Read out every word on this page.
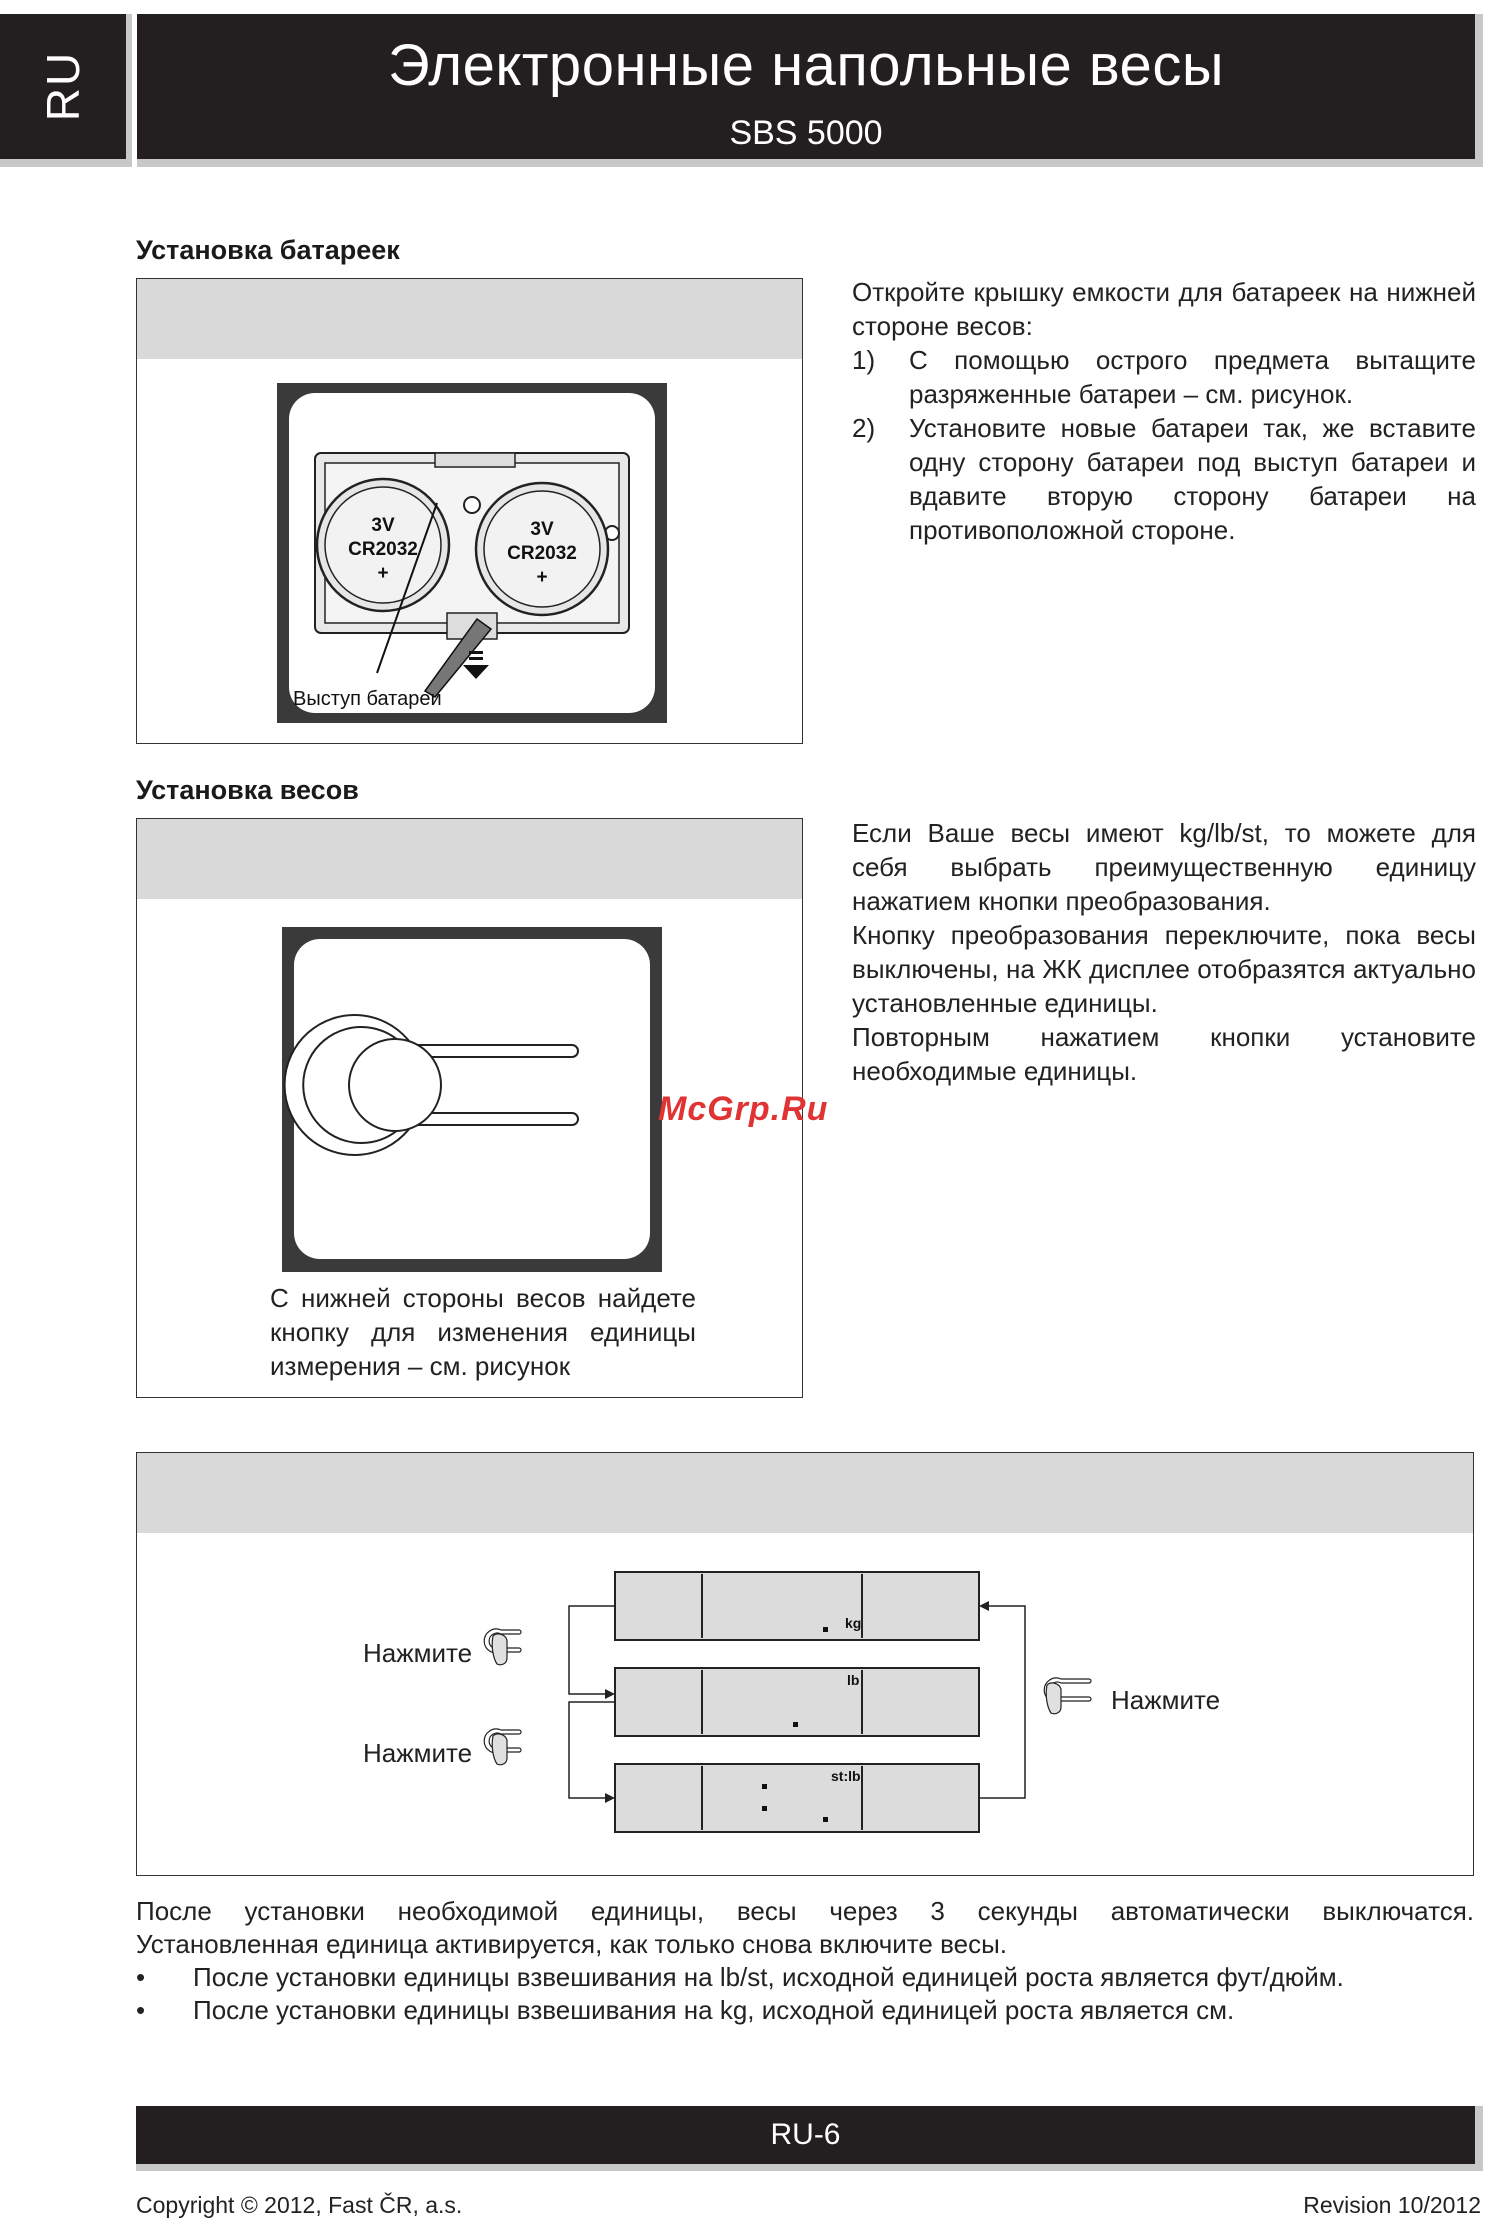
RU	Электронные напольные весы
SBS 5000
Установка батареек
3V
CR2032
+
3V
CR2032
+
Выступ батареи

Откройте крышку емкости для батареек на нижней стороне весов:

1)	С помощью острого предмета вытащите разряженные батареи – см. рисунок.
2)	Установите новые батареи так, же вставите одну сторону батареи под выступ батареи и вдавите вторую сторону батареи на противоположной стороне.
Установка весов
С нижней стороны весов найдете кнопку для изменения единицы измерения – см. рисунок

Если Ваше весы имеют kg/lb/st, то можете для себя выбрать преимущественную единицу нажатием кнопки преобразования.

Кнопку преобразования переключите, пока весы выключены, на ЖК дисплее отобразятся актуально установленные единицы.

Повторным нажатием кнопки установите необходимые единицы.

McGrp.Ru
kg
lb
st:lb
Нажмите
Нажмите
Нажмите
После установки необходимой единицы, весы через 3 секунды автоматически выключатся.
Установленная единица активируется, как только снова включите весы.
•	После установки единицы взвешивания на lb/st, исходной единицей роста является фут/дюйм.
•	После установки единицы взвешивания на kg, исходной единицей роста является см.
RU-6
Copyright © 2012, Fast ČR, a.s.	Revision 10/2012
